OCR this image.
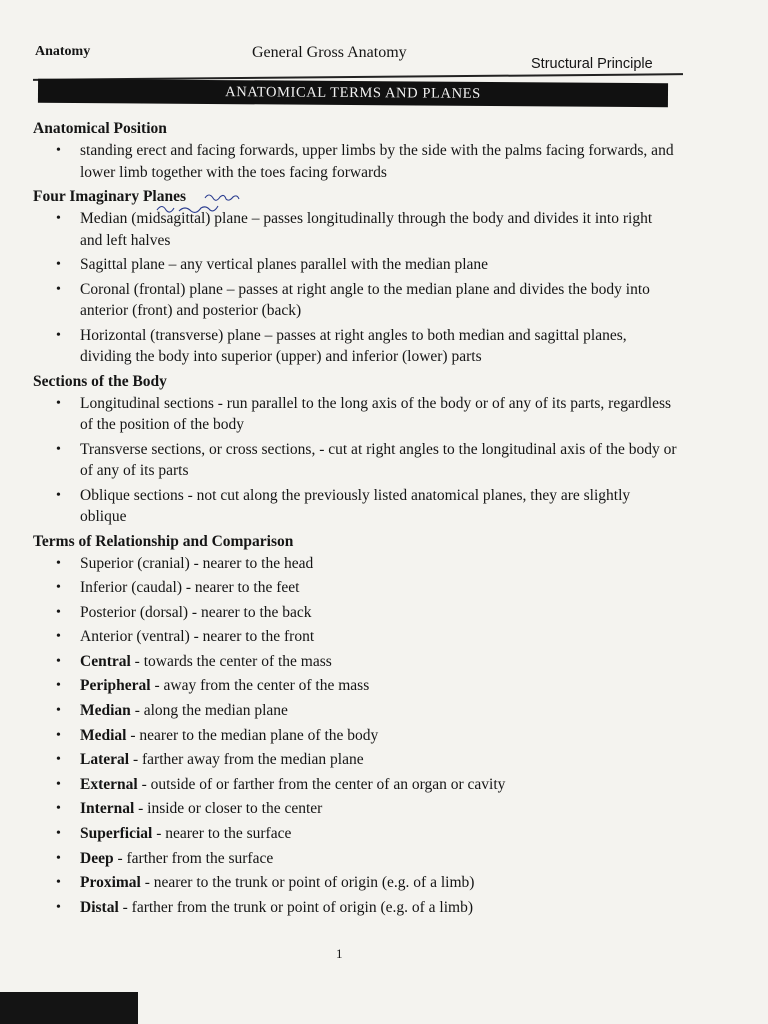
Anatomy	General Gross Anatomy
Structural Principle
ANATOMICAL TERMS AND PLANES

Anatomical Position

• standing erect and facing forwards, upper limbs by the side with the palms facing forwards, and lower limb together with the toes facing forwards

Four Imaginary Planes

• Median (midsagittal) plane – passes longitudinally through the body and divides it into right and left halves
• Sagittal plane – any vertical planes parallel with the median plane
• Coronal (frontal) plane – passes at right angle to the median plane and divides the body into anterior (front) and posterior (back)
• Horizontal (transverse) plane – passes at right angles to both median and sagittal planes, dividing the body into superior (upper) and inferior (lower) parts

Sections of the Body

• Longitudinal sections - run parallel to the long axis of the body or of any of its parts, regardless of the position of the body
• Transverse sections, or cross sections, - cut at right angles to the longitudinal axis of the body or of any of its parts
• Oblique sections - not cut along the previously listed anatomical planes, they are slightly oblique

Terms of Relationship and Comparison

• Superior (cranial) - nearer to the head
• Inferior (caudal) - nearer to the feet
• Posterior (dorsal) - nearer to the back
• Anterior (ventral) - nearer to the front
• Central - towards the center of the mass
• Peripheral - away from the center of the mass
• Median - along the median plane
• Medial - nearer to the median plane of the body
• Lateral - farther away from the median plane
• External - outside of or farther from the center of an organ or cavity
• Internal - inside or closer to the center
• Superficial - nearer to the surface
• Deep - farther from the surface
• Proximal - nearer to the trunk or point of origin (e.g. of a limb)
• Distal - farther from the trunk or point of origin (e.g. of a limb)
1
